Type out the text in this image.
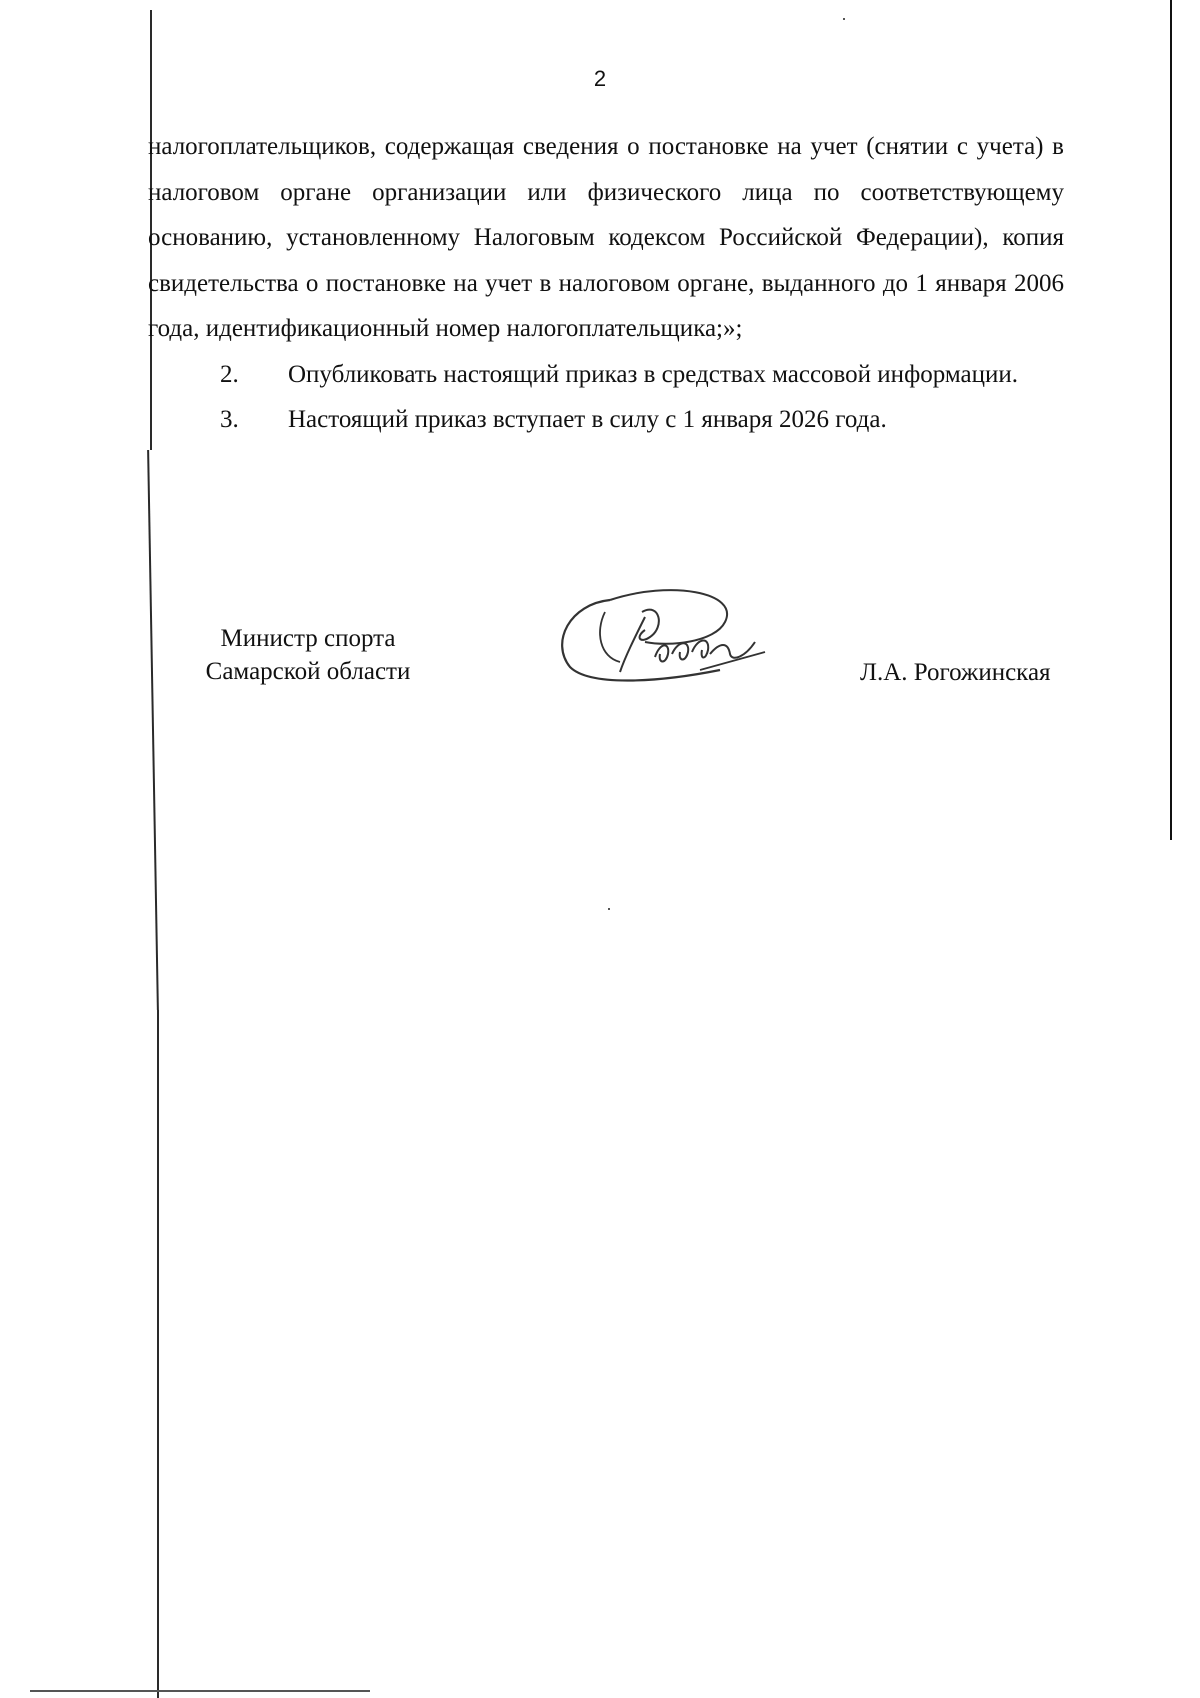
2

налогоплательщиков, содержащая сведения о постановке на учет (снятии с учета) в налоговом органе организации или физического лица по соответствующему основанию, установленному Налоговым кодексом Российской Федерации), копия свидетельства о постановке на учет в налоговом органе, выданного до 1 января 2006 года, идентификационный номер налогоплательщика;»;

2. Опубликовать настоящий приказ в средствах массовой информации.

3. Настоящий приказ вступает в силу с 1 января 2026 года.

Министр спорта
Самарской области	Л.А. Рогожинская
